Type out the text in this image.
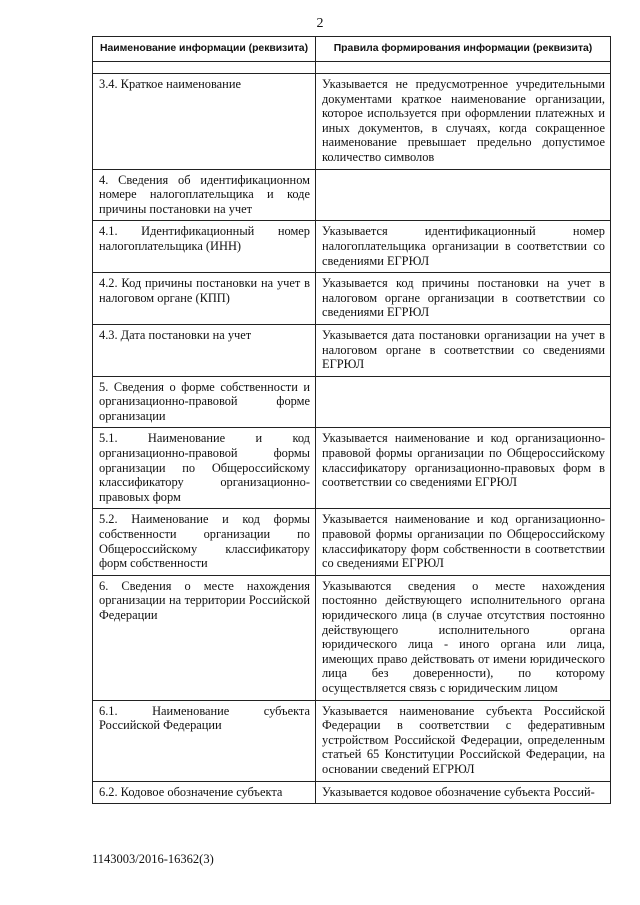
2
Наименование информации (реквизита)	Правила формирования информации (реквизита)

3.4. Краткое наименование	Указывается не предусмотренное учредительными документами краткое наименование организации, которое используется при оформлении платежных и иных документов, в случаях, когда сокращенное наименование превышает предельно допустимое количество символов
4. Сведения об идентификационном номере налогоплательщика и коде причины постановки на учет	
4.1. Идентификационный номер налогоплательщика (ИНН)	Указывается идентификационный номер налогоплательщика организации в соответствии со сведениями ЕГРЮЛ
4.2. Код причины постановки на учет в налоговом органе (КПП)	Указывается код причины постановки на учет в налоговом органе организации в соответствии со сведениями ЕГРЮЛ
4.3. Дата постановки на учет	Указывается дата постановки организации на учет в налоговом органе в соответствии со сведениями ЕГРЮЛ
5. Сведения о форме собственности и организационно-правовой форме организации	
5.1. Наименование и код организационно-правовой формы организации по Общероссийскому классификатору организационно-правовых форм	Указывается наименование и код организационно-правовой формы организации по Общероссийскому классификатору организационно-правовых форм в соответствии со сведениями ЕГРЮЛ
5.2. Наименование и код формы собственности организации по Общероссийскому классификатору форм собственности	Указывается наименование и код организационно-правовой формы организации по Общероссийскому классификатору форм собственности в соответствии со сведениями ЕГРЮЛ
6. Сведения о месте нахождения организации на территории Российской Федерации	Указываются сведения о месте нахождения постоянно действующего исполнительного органа юридического лица (в случае отсутствия постоянно действующего исполнительного органа юридического лица - иного органа или лица, имеющих право действовать от имени юридического лица без доверенности), по которому осуществляется связь с юридическим лицом
6.1. Наименование субъекта Российской Федерации	Указывается наименование субъекта Российской Федерации в соответствии с федеративным устройством Российской Федерации, определенным статьей 65 Конституции Российской Федерации, на основании сведений ЕГРЮЛ
6.2. Кодовое обозначение субъекта	Указывается кодовое обозначение субъекта Россий-
1143003/2016-16362(3)
